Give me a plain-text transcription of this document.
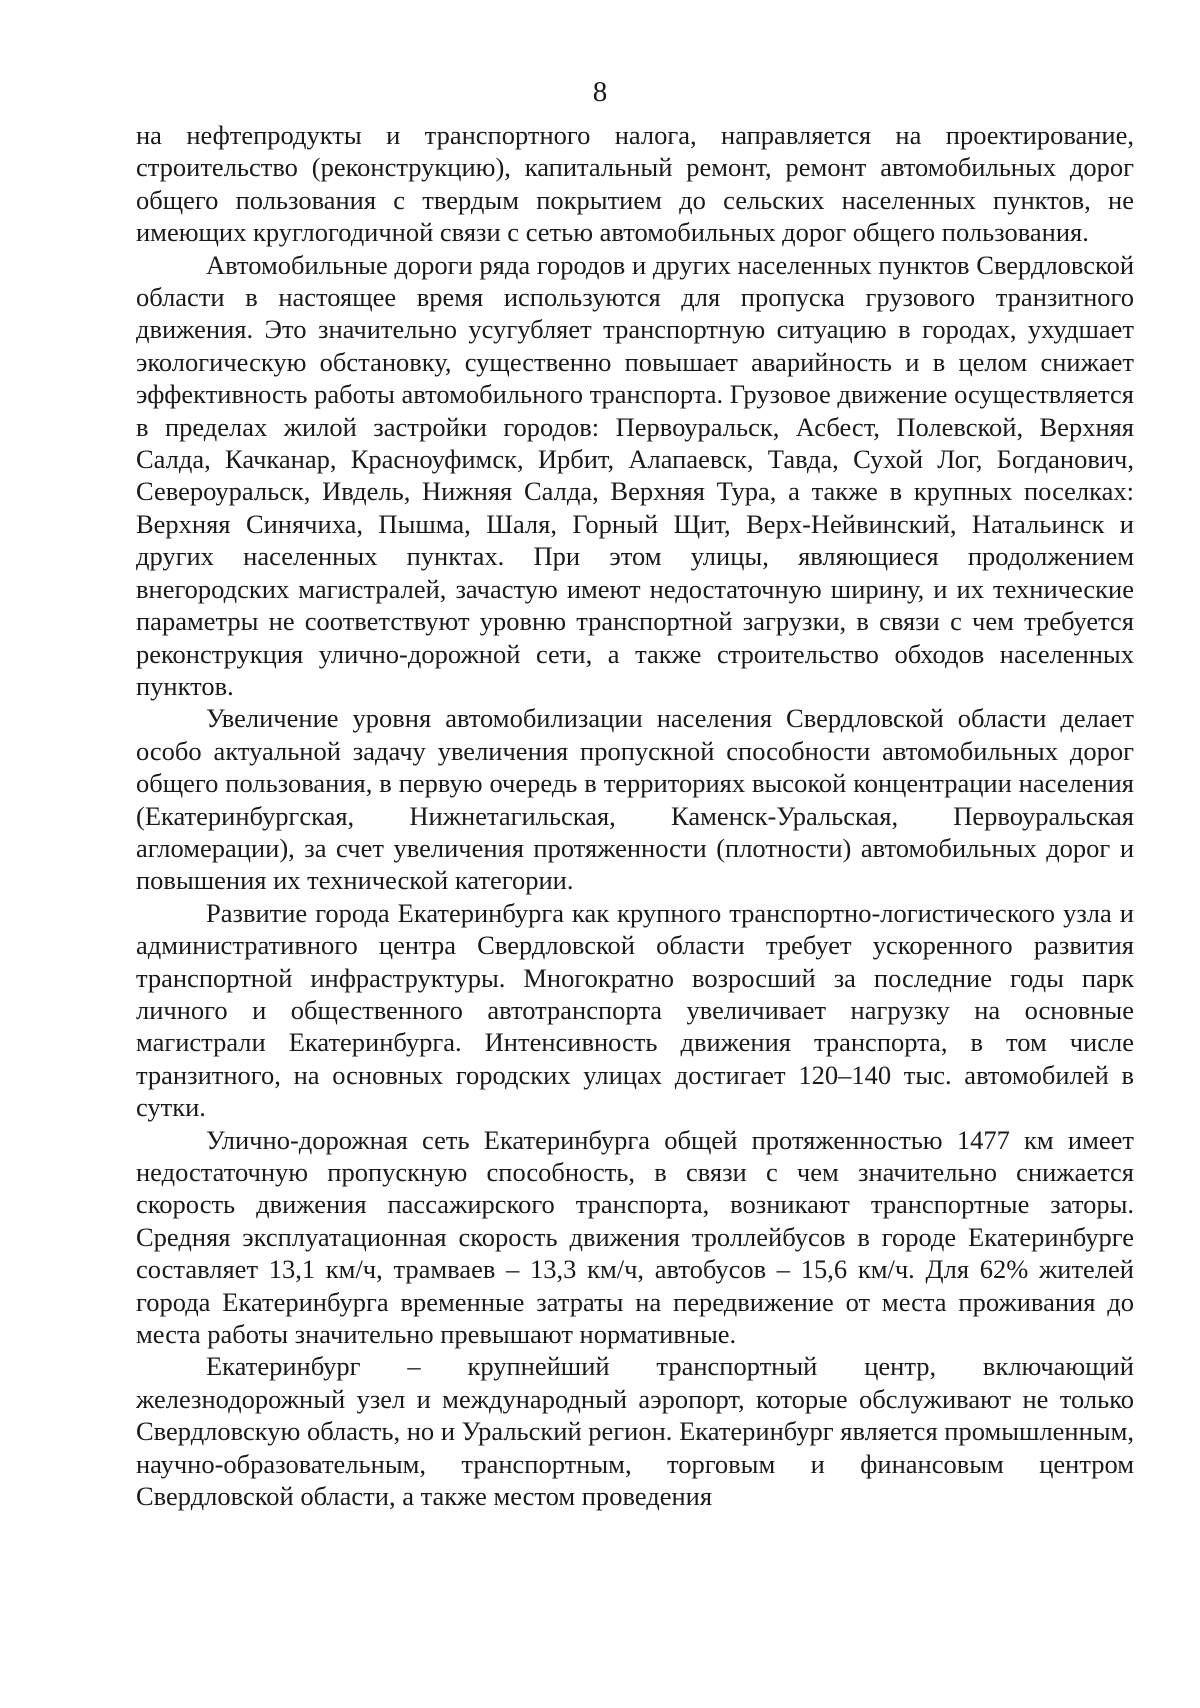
8

на нефтепродукты и транспортного налога, направляется на проектирование, строительство (реконструкцию), капитальный ремонт, ремонт автомобильных дорог общего пользования с твердым покрытием до сельских населенных пунктов, не имеющих круглогодичной связи с сетью автомобильных дорог общего пользования.

Автомобильные дороги ряда городов и других населенных пунктов Свердловской области в настоящее время используются для пропуска грузового транзитного движения. Это значительно усугубляет транспортную ситуацию в городах, ухудшает экологическую обстановку, существенно повышает аварийность и в целом снижает эффективность работы автомобильного транспорта. Грузовое движение осуществляется в пределах жилой застройки городов: Первоуральск, Асбест, Полевской, Верхняя Салда, Качканар, Красноуфимск, Ирбит, Алапаевск, Тавда, Сухой Лог, Богданович, Североуральск, Ивдель, Нижняя Салда, Верхняя Тура, а также в крупных поселках: Верхняя Синячиха, Пышма, Шаля, Горный Щит, Верх-Нейвинский, Натальинск и других населенных пунктах. При этом улицы, являющиеся продолжением внегородских магистралей, зачастую имеют недостаточную ширину, и их технические параметры не соответствуют уровню транспортной загрузки, в связи с чем требуется реконструкция улично-дорожной сети, а также строительство обходов населенных пунктов.

Увеличение уровня автомобилизации населения Свердловской области делает особо актуальной задачу увеличения пропускной способности автомобильных дорог общего пользования, в первую очередь в территориях высокой концентрации населения (Екатеринбургская, Нижнетагильская, Каменск-Уральская, Первоуральская агломерации), за счет увеличения протяженности (плотности) автомобильных дорог и повышения их технической категории.

Развитие города Екатеринбурга как крупного транспортно-логистического узла и административного центра Свердловской области требует ускоренного развития транспортной инфраструктуры. Многократно возросший за последние годы парк личного и общественного автотранспорта увеличивает нагрузку на основные магистрали Екатеринбурга. Интенсивность движения транспорта, в том числе транзитного, на основных городских улицах достигает 120–140 тыс. автомобилей в сутки.

Улично-дорожная сеть Екатеринбурга общей протяженностью 1477 км имеет недостаточную пропускную способность, в связи с чем значительно снижается скорость движения пассажирского транспорта, возникают транспортные заторы. Средняя эксплуатационная скорость движения троллейбусов в городе Екатеринбурге составляет 13,1 км/ч, трамваев – 13,3 км/ч, автобусов – 15,6 км/ч. Для 62% жителей города Екатеринбурга временные затраты на передвижение от места проживания до места работы значительно превышают нормативные.

Екатеринбург – крупнейший транспортный центр, включающий железнодорожный узел и международный аэропорт, которые обслуживают не только Свердловскую область, но и Уральский регион. Екатеринбург является промышленным, научно-образовательным, транспортным, торговым и финансовым центром Свердловской области, а также местом проведения
